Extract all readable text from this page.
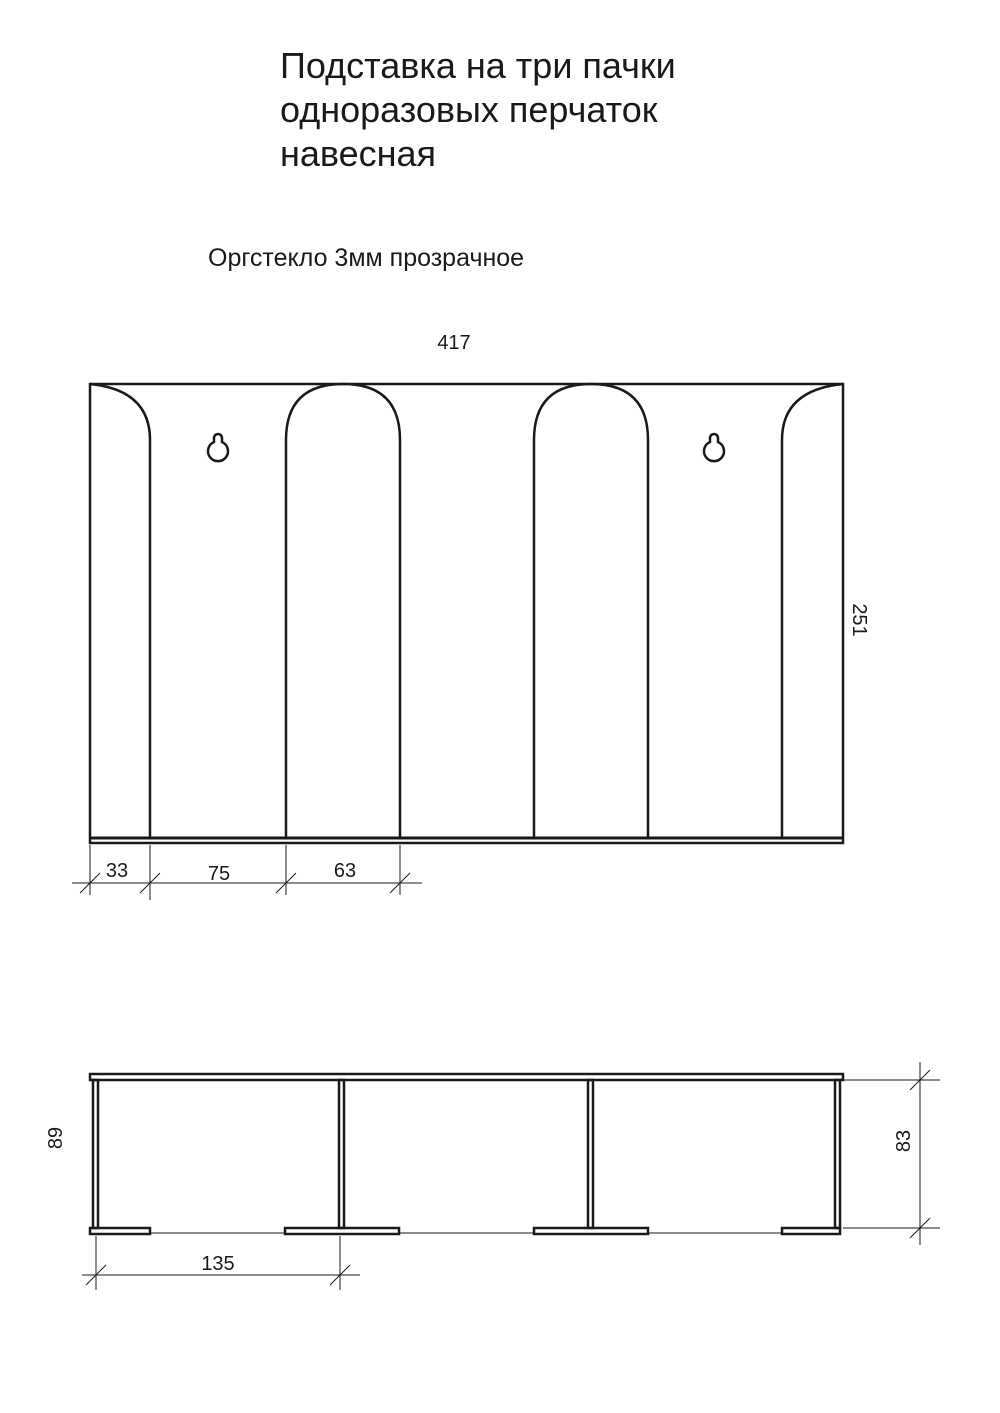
Подставка на три пачки
одноразовых перчаток
навесная
Оргстекло 3мм прозрачное
417
251
33	75	63
89	83
135
